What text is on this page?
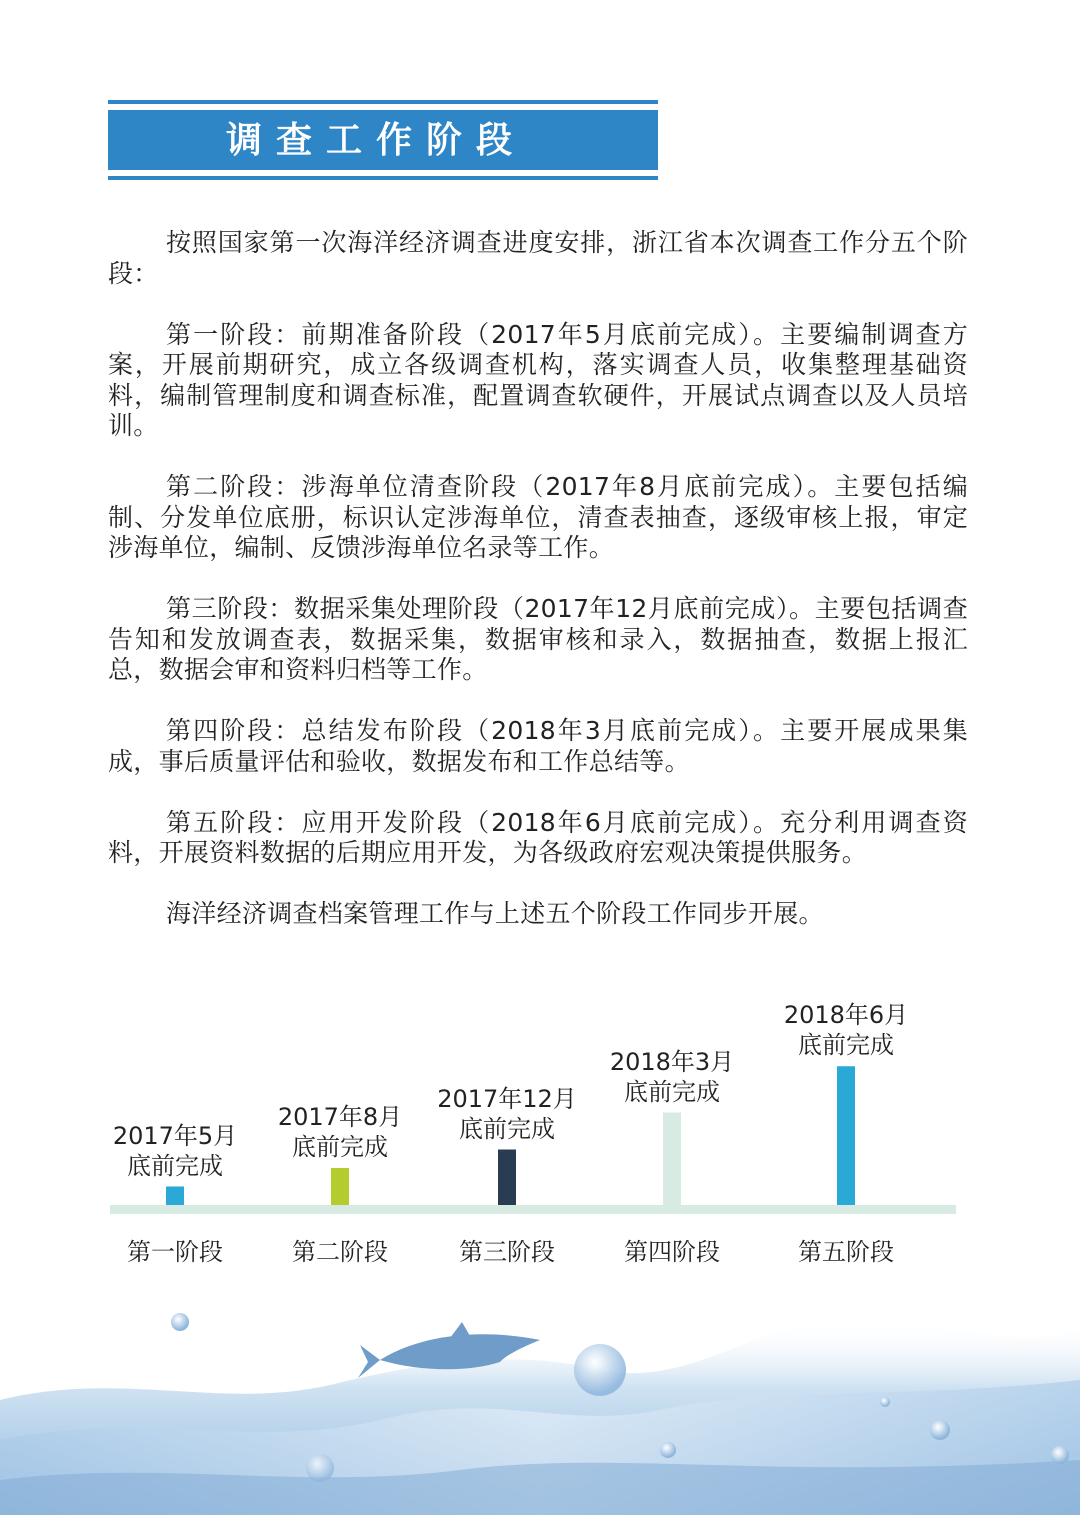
调查工作阶段

按照国家第一次海洋经济调查进度安排，浙江省本次调查工作分五个阶段：

第一阶段：前期准备阶段（2017年5月底前完成）。主要编制调查方案，开展前期研究，成立各级调查机构，落实调查人员，收集整理基础资料，编制管理制度和调查标准，配置调查软硬件，开展试点调查以及人员培训。

第二阶段：涉海单位清查阶段（2017年8月底前完成）。主要包括编制、分发单位底册，标识认定涉海单位，清查表抽查，逐级审核上报，审定涉海单位，编制、反馈涉海单位名录等工作。

第三阶段：数据采集处理阶段（2017年12月底前完成）。主要包括调查告知和发放调查表，数据采集，数据审核和录入，数据抽查，数据上报汇总，数据会审和资料归档等工作。

第四阶段：总结发布阶段（2018年3月底前完成）。主要开展成果集成，事后质量评估和验收，数据发布和工作总结等。

第五阶段：应用开发阶段（2018年6月底前完成）。充分利用调查资料，开展资料数据的后期应用开发，为各级政府宏观决策提供服务。

海洋经济调查档案管理工作与上述五个阶段工作同步开展。

2017年5月
底前完成
第一阶段
2017年8月
底前完成
第二阶段
2017年12月
底前完成
第三阶段
2018年3月
底前完成
第四阶段
2018年6月
底前完成
第五阶段
